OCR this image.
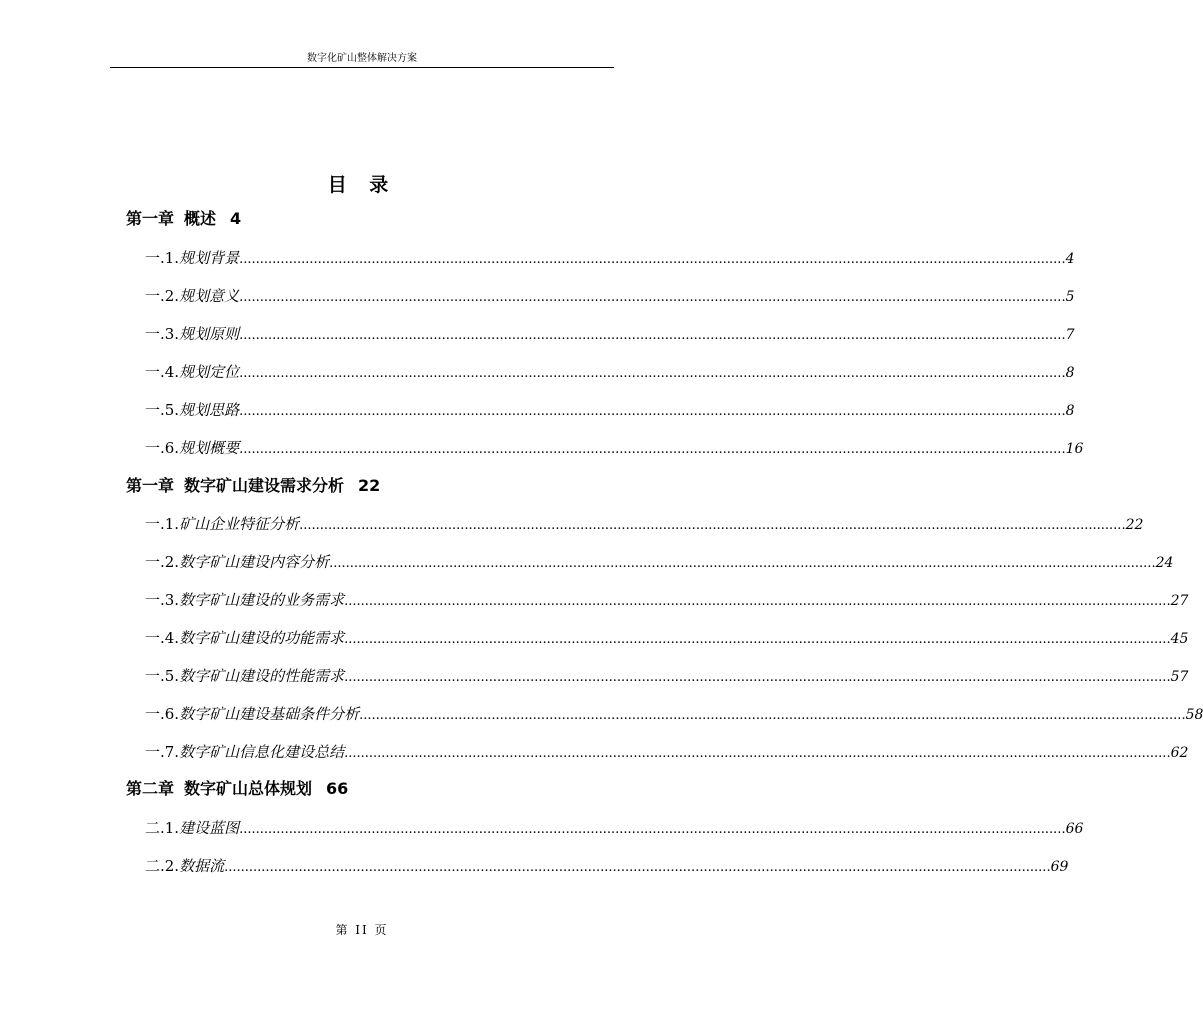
数字化矿山整体解决方案
目 录
第一章 概述 4
一.1. 规划背景 ........................................................................................................................................................................................................ 4
一.2. 规划意义 ........................................................................................................................................................................................................ 5
一.3. 规划原则 ........................................................................................................................................................................................................ 7
一.4. 规划定位 ........................................................................................................................................................................................................ 8
一.5. 规划思路 ........................................................................................................................................................................................................ 8
一.6. 规划概要 ........................................................................................................................................................................................................ 16
第一章 数字矿山建设需求分析 22
一.1. 矿山企业特征分析 ........................................................................................................................................................................................................ 22
一.2. 数字矿山建设内容分析 ........................................................................................................................................................................................................ 24
一.3. 数字矿山建设的业务需求 ........................................................................................................................................................................................................ 27
一.4. 数字矿山建设的功能需求 ........................................................................................................................................................................................................ 45
一.5. 数字矿山建设的性能需求 ........................................................................................................................................................................................................ 57
一.6. 数字矿山建设基础条件分析 ........................................................................................................................................................................................................ 58
一.7. 数字矿山信息化建设总结 ........................................................................................................................................................................................................ 62
第二章 数字矿山总体规划 66
二.1. 建设蓝图 ........................................................................................................................................................................................................ 66
二.2. 数据流 ........................................................................................................................................................................................................ 69
第 II 页
